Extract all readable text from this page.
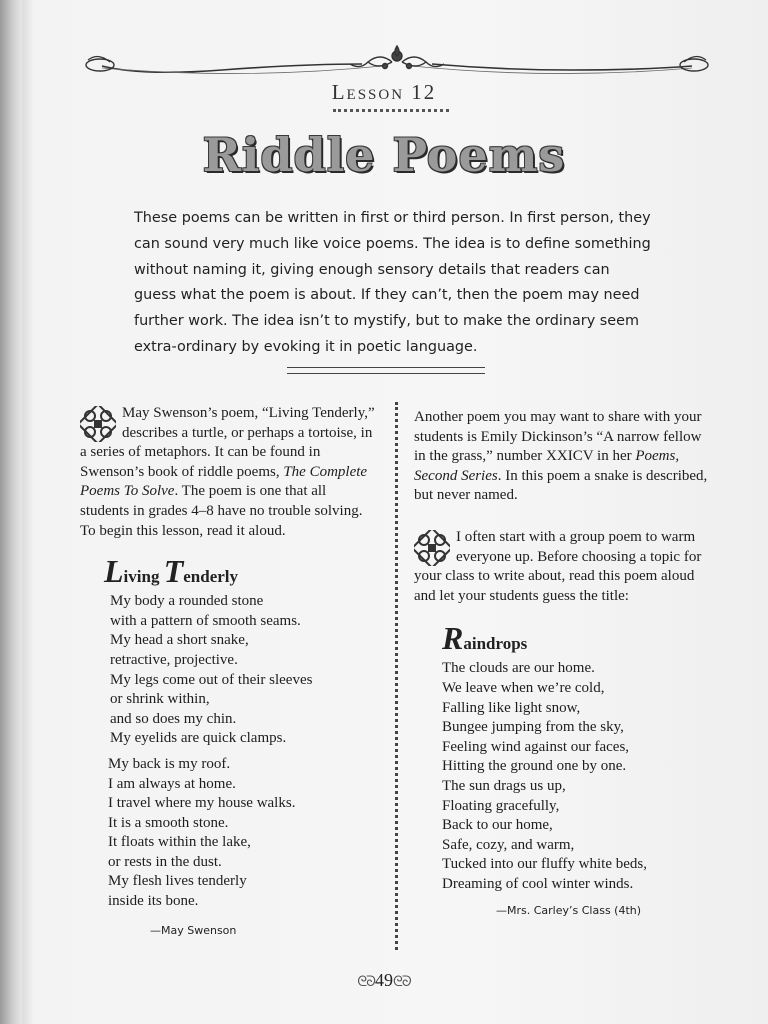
Lesson 12
Riddle Poems
These poems can be written in first or third person. In first person, they can sound very much like voice poems. The idea is to define something without naming it, giving enough sensory details that readers can guess what the poem is about. If they can’t, then the poem may need further work. The idea isn’t to mystify, but to make the ordinary seem extra-ordinary by evoking it in poetic language.

May Swenson’s poem, “Living Tenderly,” describes a turtle, or perhaps a tortoise, in a series of metaphors. It can be found in Swenson’s book of riddle poems, The Complete Poems To Solve. The poem is one that all students in grades 4–8 have no trouble solving. To begin this lesson, read it aloud.

Living Tenderly
My body a rounded stone
with a pattern of smooth seams.
My head a short snake,
retractive, projective.
My legs come out of their sleeves
or shrink within,
and so does my chin.
My eyelids are quick clamps.
My back is my roof.
I am always at home.
I travel where my house walks.
It is a smooth stone.
It floats within the lake,
or rests in the dust.
My flesh lives tenderly
inside its bone.
—May Swenson

Another poem you may want to share with your students is Emily Dickinson’s “A narrow fellow in the grass,” number XXICV in her Poems, Second Series. In this poem a snake is described, but never named.

I often start with a group poem to warm everyone up. Before choosing a topic for your class to write about, read this poem aloud and let your students guess the title:

Raindrops
The clouds are our home.
We leave when we’re cold,
Falling like light snow,
Bungee jumping from the sky,
Feeling wind against our faces,
Hitting the ground one by one.
The sun drags us up,
Floating gracefully,
Back to our home,
Safe, cozy, and warm,
Tucked into our fluffy white beds,
Dreaming of cool winter winds.
—Mrs. Carley’s Class (4th)
ᘓᘐ49ᘓᘐ
